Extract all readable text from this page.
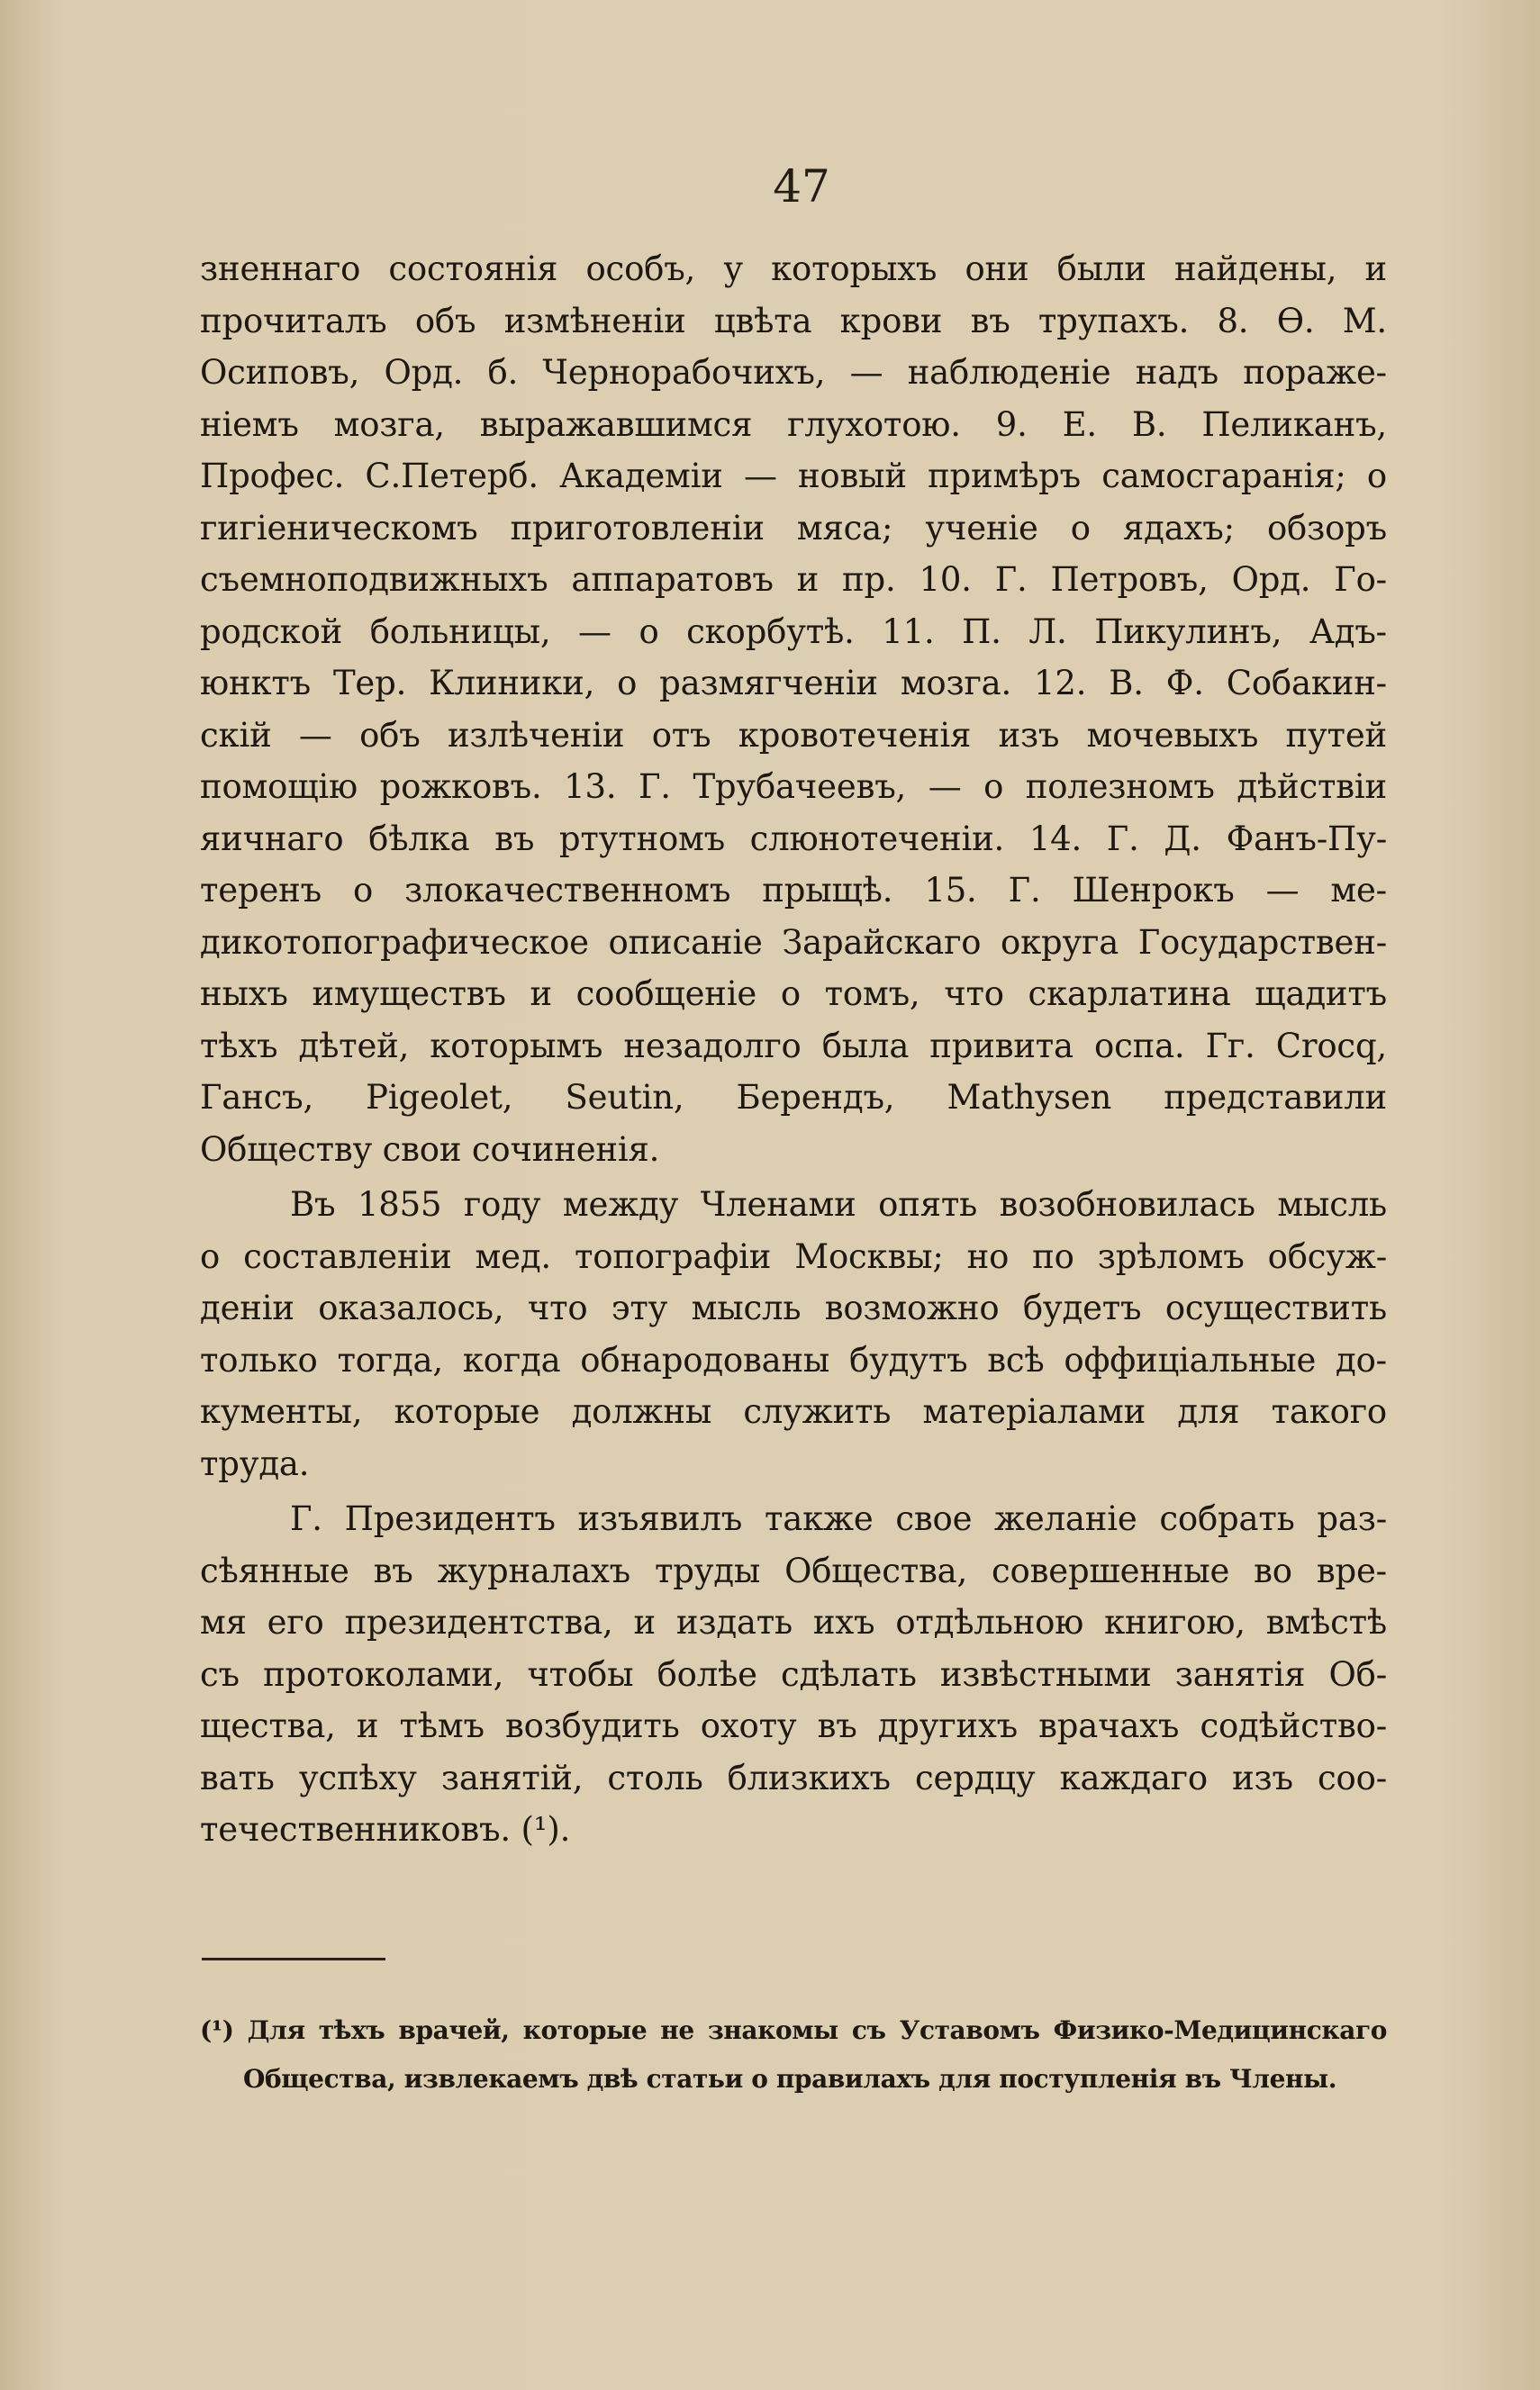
47

зненнаго состоянія особъ, у которыхъ они были найдены, и
прочиталъ объ измѣненіи цвѣта крови въ трупахъ. 8. Ѳ. М.
Осиповъ, Орд. б. Чернорабочихъ, — наблюденіе надъ пораже-
ніемъ мозга, выражавшимся глухотою. 9. Е. В. Пеликанъ,
Профес. С.Петерб. Академіи — новый примѣръ самосгаранія; о
гигіеническомъ приготовленіи мяса; ученіе о ядахъ; обзоръ
съемноподвижныхъ аппаратовъ и пр. 10. Г. Петровъ, Орд. Го-
родской больницы, — о скорбутѣ. 11. П. Л. Пикулинъ, Адъ-
юнктъ Тер. Клиники, о размягченіи мозга. 12. В. Ф. Собакин-
скій — объ излѣченіи отъ кровотеченія изъ мочевыхъ путей
помощію рожковъ. 13. Г. Трубачеевъ, — о полезномъ дѣйствіи
яичнаго бѣлка въ ртутномъ слюнотеченіи. 14. Г. Д. Фанъ-Пу-
теренъ о злокачественномъ прыщѣ. 15. Г. Шенрокъ — ме-
дикотопографическое описаніе Зарайскаго округа Государствен-
ныхъ имуществъ и сообщеніе о томъ, что скарлатина щадитъ
тѣхъ дѣтей, которымъ незадолго была привита оспа. Гг. Crocq,
Гансъ, Pigeolet, Seutin, Берендъ, Mathysen представили
Обществу свои сочиненія.

Въ 1855 году между Членами опять возобновилась мысль
о составленіи мед. топографіи Москвы; но по зрѣломъ обсуж-
деніи оказалось, что эту мысль возможно будетъ осуществить
только тогда, когда обнародованы будутъ всѣ оффиціальные до-
кументы, которые должны служить матеріалами для такого
труда.

Г. Президентъ изъявилъ также свое желаніе собрать раз-
сѣянные въ журналахъ труды Общества, совершенные во вре-
мя его президентства, и издать ихъ отдѣльною книгою, вмѣстѣ
съ протоколами, чтобы болѣе сдѣлать извѣстными занятія Об-
щества, и тѣмъ возбудить охоту въ другихъ врачахъ содѣйство-
вать успѣху занятій, столь близкихъ сердцу каждаго изъ соо-
течественниковъ. (¹).

(¹) Для тѣхъ врачей, которые не знакомы съ Уставомъ Физико-Медицинскаго
Общества, извлекаемъ двѣ статьи о правилахъ для поступленія въ Члены.
